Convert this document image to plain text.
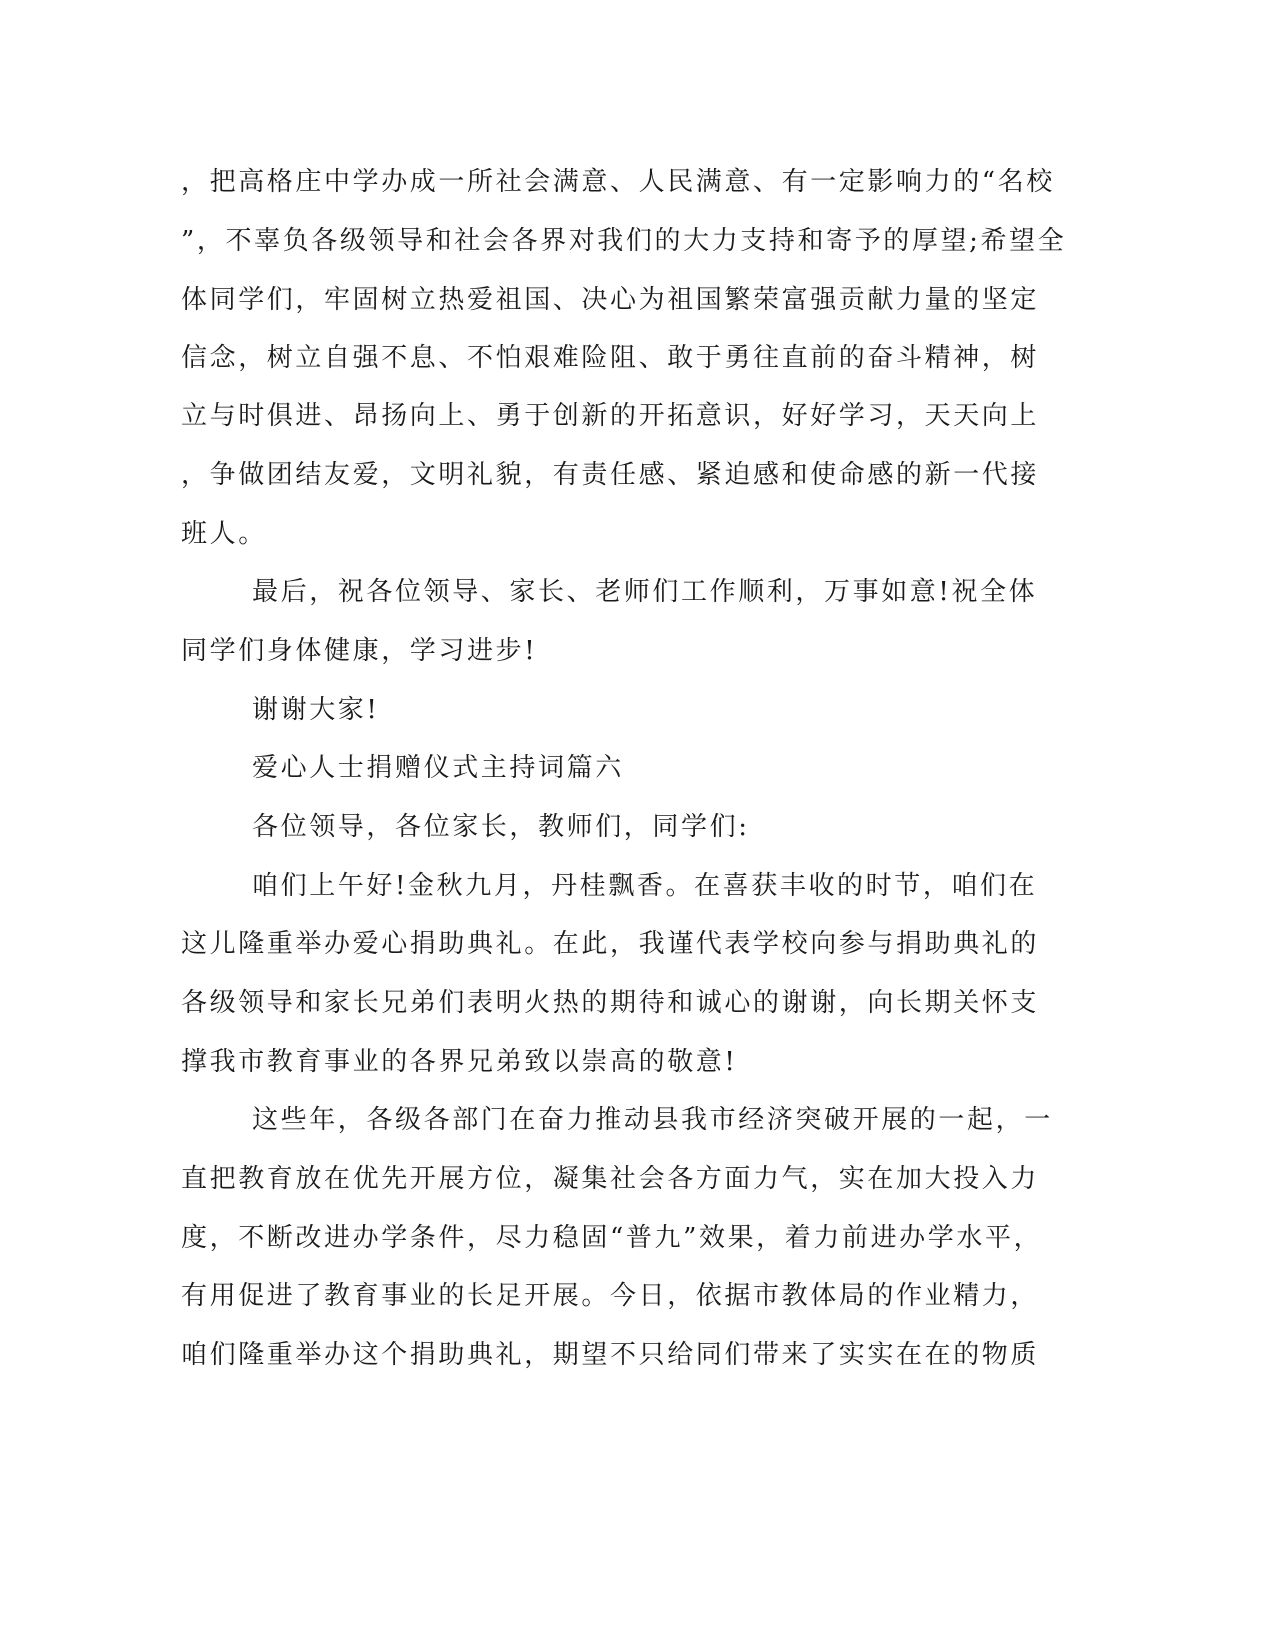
，把高格庄中学办成一所社会满意、人民满意、有一定影响力的“名校
”，不辜负各级领导和社会各界对我们的大力支持和寄予的厚望;希望全
体同学们，牢固树立热爱祖国、决心为祖国繁荣富强贡献力量的坚定
信念，树立自强不息、不怕艰难险阻、敢于勇往直前的奋斗精神，树
立与时俱进、昂扬向上、勇于创新的开拓意识，好好学习，天天向上
，争做团结友爱，文明礼貌，有责任感、紧迫感和使命感的新一代接
班人。
最后，祝各位领导、家长、老师们工作顺利，万事如意!祝全体
同学们身体健康，学习进步!
谢谢大家!
爱心人士捐赠仪式主持词篇六
各位领导，各位家长，教师们，同学们:
咱们上午好!金秋九月，丹桂飘香。在喜获丰收的时节，咱们在
这儿隆重举办爱心捐助典礼。在此，我谨代表学校向参与捐助典礼的
各级领导和家长兄弟们表明火热的期待和诚心的谢谢，向长期关怀支
撑我市教育事业的各界兄弟致以崇高的敬意!
这些年，各级各部门在奋力推动县我市经济突破开展的一起，一
直把教育放在优先开展方位，凝集社会各方面力气，实在加大投入力
度，不断改进办学条件，尽力稳固“普九”效果，着力前进办学水平，
有用促进了教育事业的长足开展。今日，依据市教体局的作业精力，
咱们隆重举办这个捐助典礼，期望不只给同们带来了实实在在的物质
